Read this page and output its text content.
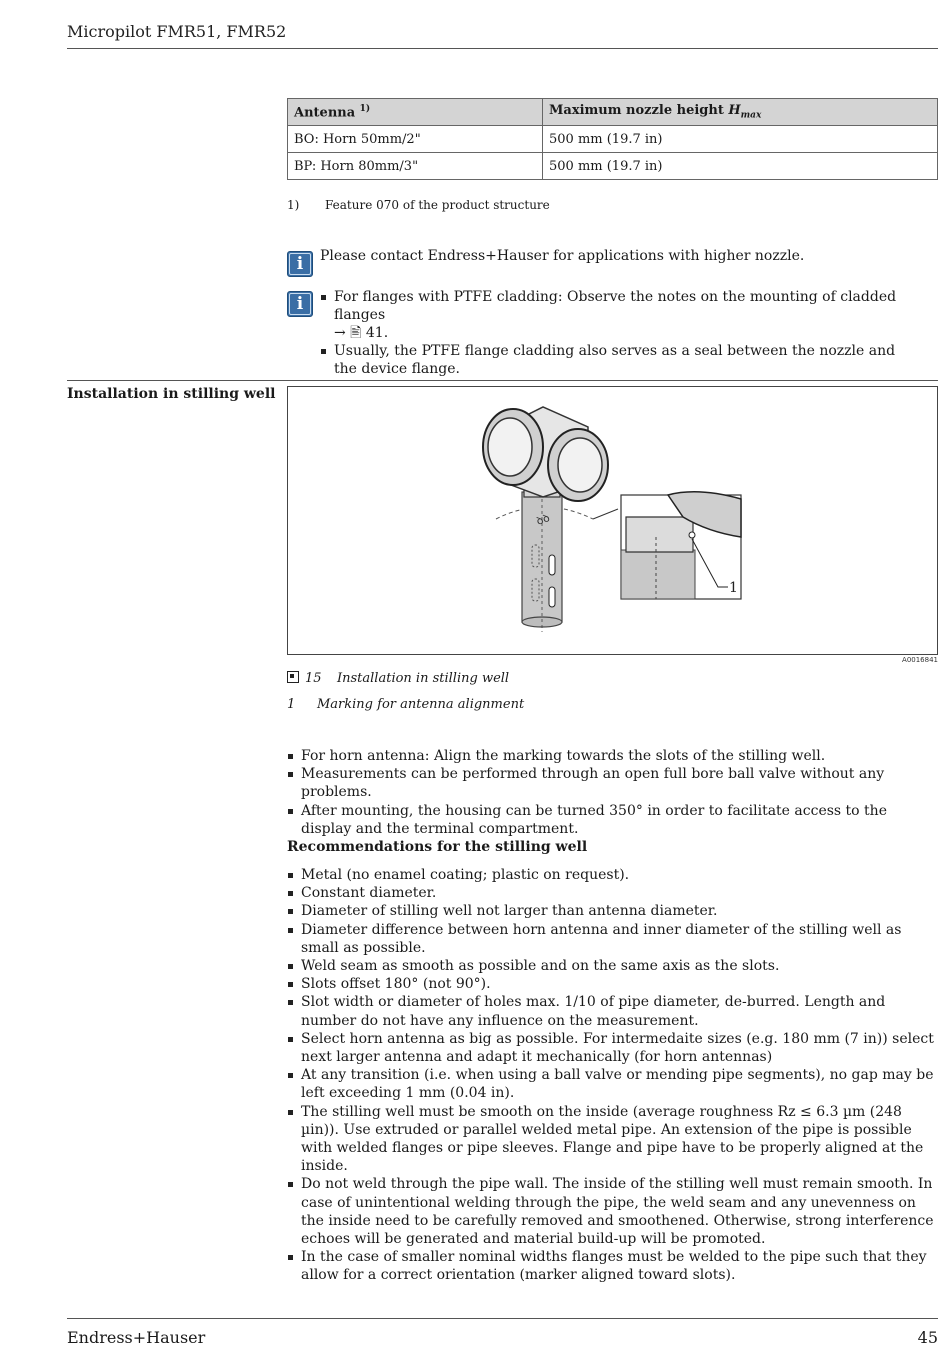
Micropilot FMR51, FMR52
Antenna $^{1)}$	Maximum nozzle height $H_{max}$
BO: Horn 50mm/2"	500 mm (19.7 in)
BP: Horn 80mm/3"	500 mm (19.7 in)
1) Feature 070 of the product structure
i	Please contact Endress+Hauser for applications with higher nozzle.
i	For flanges with PTFE cladding: Observe the notes on the mounting of cladded flanges
→ 🖹 41.
Usually, the PTFE flange cladding also serves as a seal between the nozzle and the device flange.
Installation in stilling well
ꝺꝺ
1
A0016841
15 Installation in stilling well
1 Marking for antenna alignment
For horn antenna: Align the marking towards the slots of the stilling well.
Measurements can be performed through an open full bore ball valve without any problems.
After mounting, the housing can be turned 350° in order to facilitate access to the display and the terminal compartment.
Recommendations for the stilling well
Metal (no enamel coating; plastic on request).
Constant diameter.
Diameter of stilling well not larger than antenna diameter.
Diameter difference between horn antenna and inner diameter of the stilling well as small as possible.
Weld seam as smooth as possible and on the same axis as the slots.
Slots offset 180° (not 90°).
Slot width or diameter of holes max. 1/10 of pipe diameter, de-burred. Length and number do not have any influence on the measurement.
Select horn antenna as big as possible. For intermedaite sizes (e.g. 180 mm (7 in)) select next larger antenna and adapt it mechanically (for horn antennas)
At any transition (i.e. when using a ball valve or mending pipe segments), no gap may be left exceeding 1 mm (0.04 in).
The stilling well must be smooth on the inside (average roughness Rz ≤ 6.3 µm (248 µin)). Use extruded or parallel welded metal pipe. An extension of the pipe is possible with welded flanges or pipe sleeves. Flange and pipe have to be properly aligned at the inside.
Do not weld through the pipe wall. The inside of the stilling well must remain smooth. In case of unintentional welding through the pipe, the weld seam and any unevenness on the inside need to be carefully removed and smoothened. Otherwise, strong interference echoes will be generated and material build-up will be promoted.
In the case of smaller nominal widths flanges must be welded to the pipe such that they allow for a correct orientation (marker aligned toward slots).
Endress+Hauser	45
